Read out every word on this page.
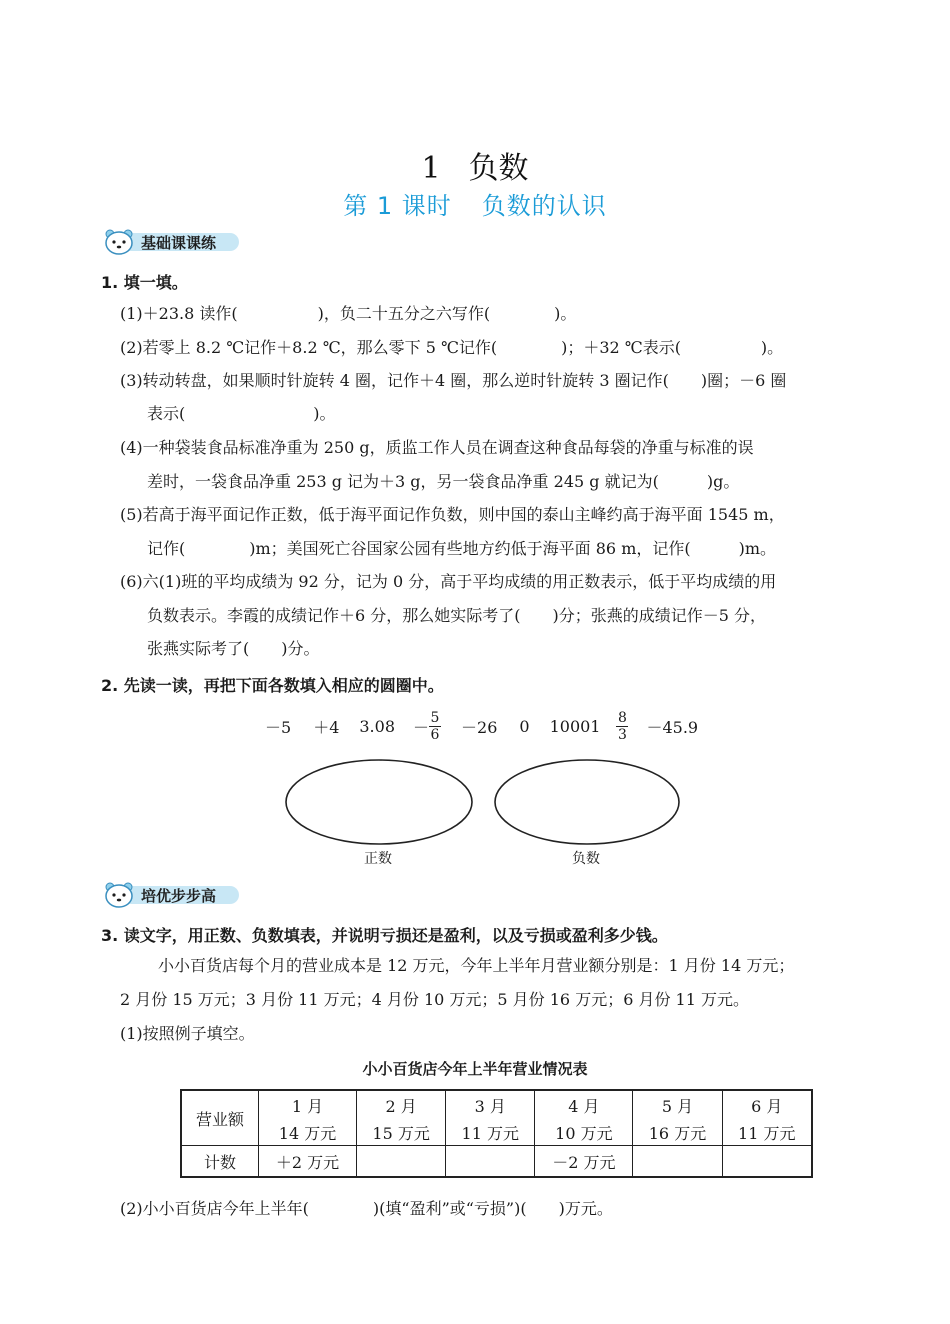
1 负数
第 1 课时 负数的认识
基础课课练
1. 填一填。
(1)＋23.8 读作(　　　　　)，负二十五分之六写作(　　　　)。
(2)若零上 8.2 ℃记作＋8.2 ℃，那么零下 5 ℃记作(　　　　)；＋32 ℃表示(　　　　　)。
(3)转动转盘，如果顺时针旋转 4 圈，记作＋4 圈，那么逆时针旋转 3 圈记作(　　)圈；－6 圈
表示(　　　　　　　　)。
(4)一种袋装食品标准净重为 250 g，质监工作人员在调查这种食品每袋的净重与标准的误
差时，一袋食品净重 253 g 记为＋3 g，另一袋食品净重 245 g 就记为(　　　)g。
(5)若高于海平面记作正数，低于海平面记作负数，则中国的泰山主峰约高于海平面 1545 m，
记作(　　　　)m；美国死亡谷国家公园有些地方约低于海平面 86 m，记作(　　　)m。
(6)六(1)班的平均成绩为 92 分，记为 0 分，高于平均成绩的用正数表示，低于平均成绩的用
负数表示。李霞的成绩记作＋6 分，那么她实际考了(　　)分；张燕的成绩记作－5 分，
张燕实际考了(　　)分。
2. 先读一读，再把下面各数填入相应的圆圈中。
－5 ＋4 $3.08 - \frac{5}{6} -26$ 0 $10001 \frac{8}{3} -45.9$
正数	负数
培优步步高
3. 读文字，用正数、负数填表，并说明亏损还是盈利，以及亏损或盈利多少钱。
小小百货店每个月的营业成本是 12 万元，今年上半年月营业额分别是：1 月份 14 万元；
2 月份 15 万元；3 月份 11 万元；4 月份 10 万元；5 月份 16 万元；6 月份 11 万元。
(1)按照例子填空。
小小百货店今年上半年营业情况表
营业额	1 月	2 月	3 月	4 月	5 月	6 月
	14 万元	15 万元	11 万元	10 万元	16 万元	11 万元
计数	＋2 万元			－2 万元		
(2)小小百货店今年上半年(　　　　)(填“盈利”或“亏损”)(　　)万元。
